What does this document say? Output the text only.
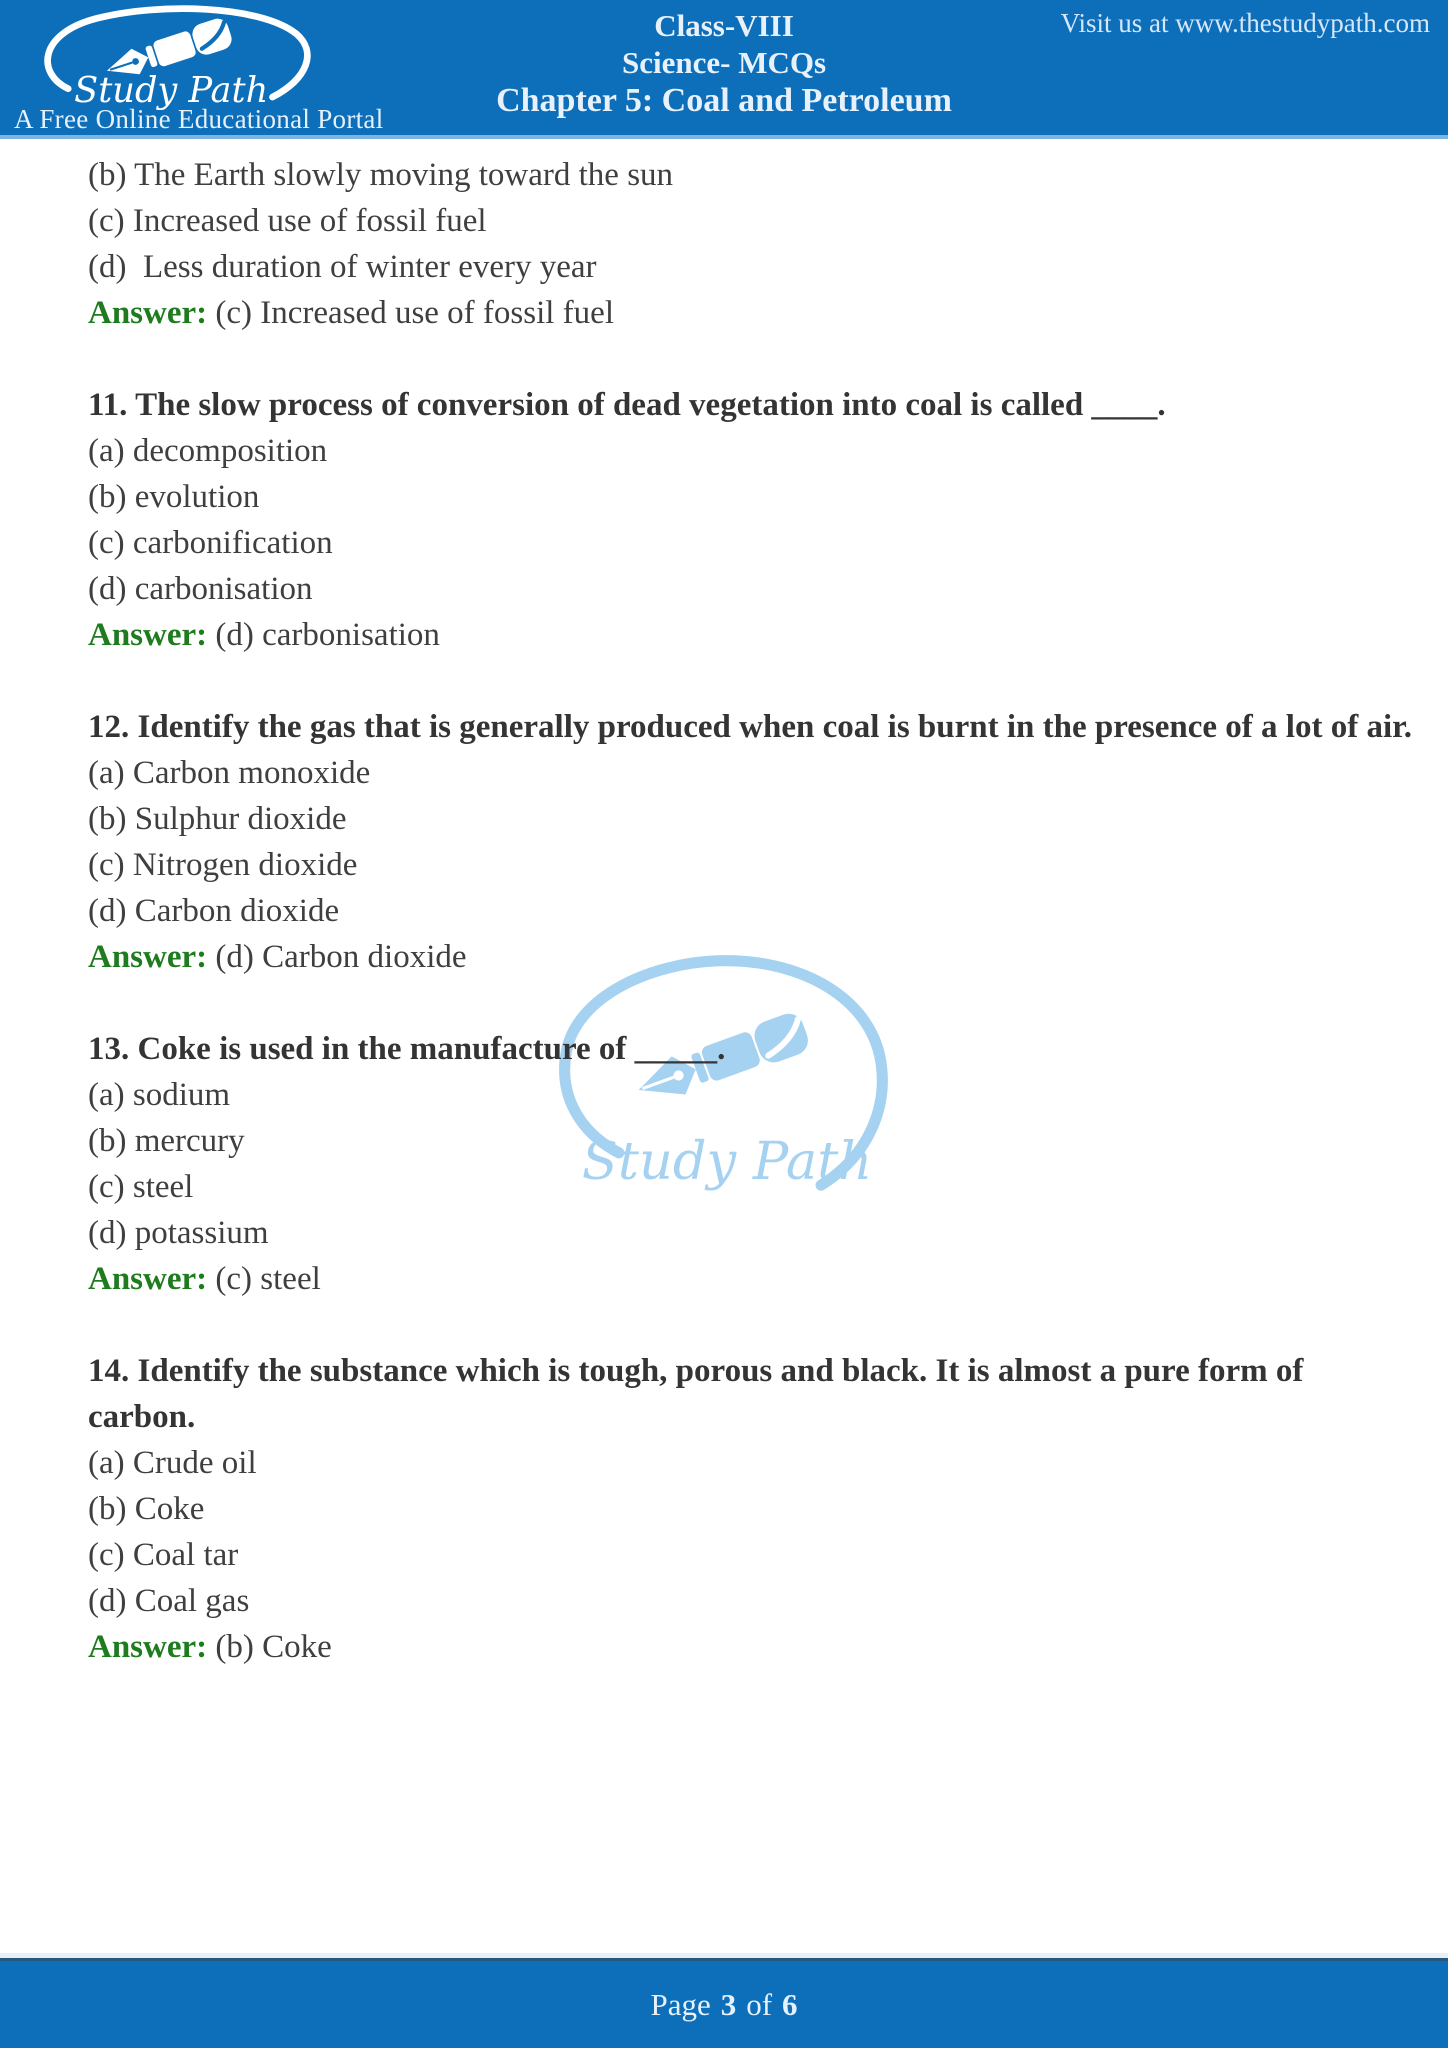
Study Path

A Free Online Educational Portal

Class-VIII

Science- MCQs

Chapter 5: Coal and Petroleum

Visit us at www.thestudypath.com

Study Path

(b) The Earth slowly moving toward the sun

(c) Increased use of fossil fuel

(d)  Less duration of winter every year

Answer: (c) Increased use of fossil fuel

11. The slow process of conversion of dead vegetation into coal is called ____.

(a) decomposition

(b) evolution

(c) carbonification

(d) carbonisation

Answer: (d) carbonisation

12. Identify the gas that is generally produced when coal is burnt in the presence of a lot of air.

(a) Carbon monoxide

(b) Sulphur dioxide

(c) Nitrogen dioxide

(d) Carbon dioxide

Answer: (d) Carbon dioxide

13. Coke is used in the manufacture of _____.

(a) sodium

(b) mercury

(c) steel

(d) potassium

Answer: (c) steel

14. Identify the substance which is tough, porous and black. It is almost a pure form of carbon.

(a) Crude oil

(b) Coke

(c) Coal tar

(d) Coal gas

Answer: (b) Coke

Page 3 of 6
